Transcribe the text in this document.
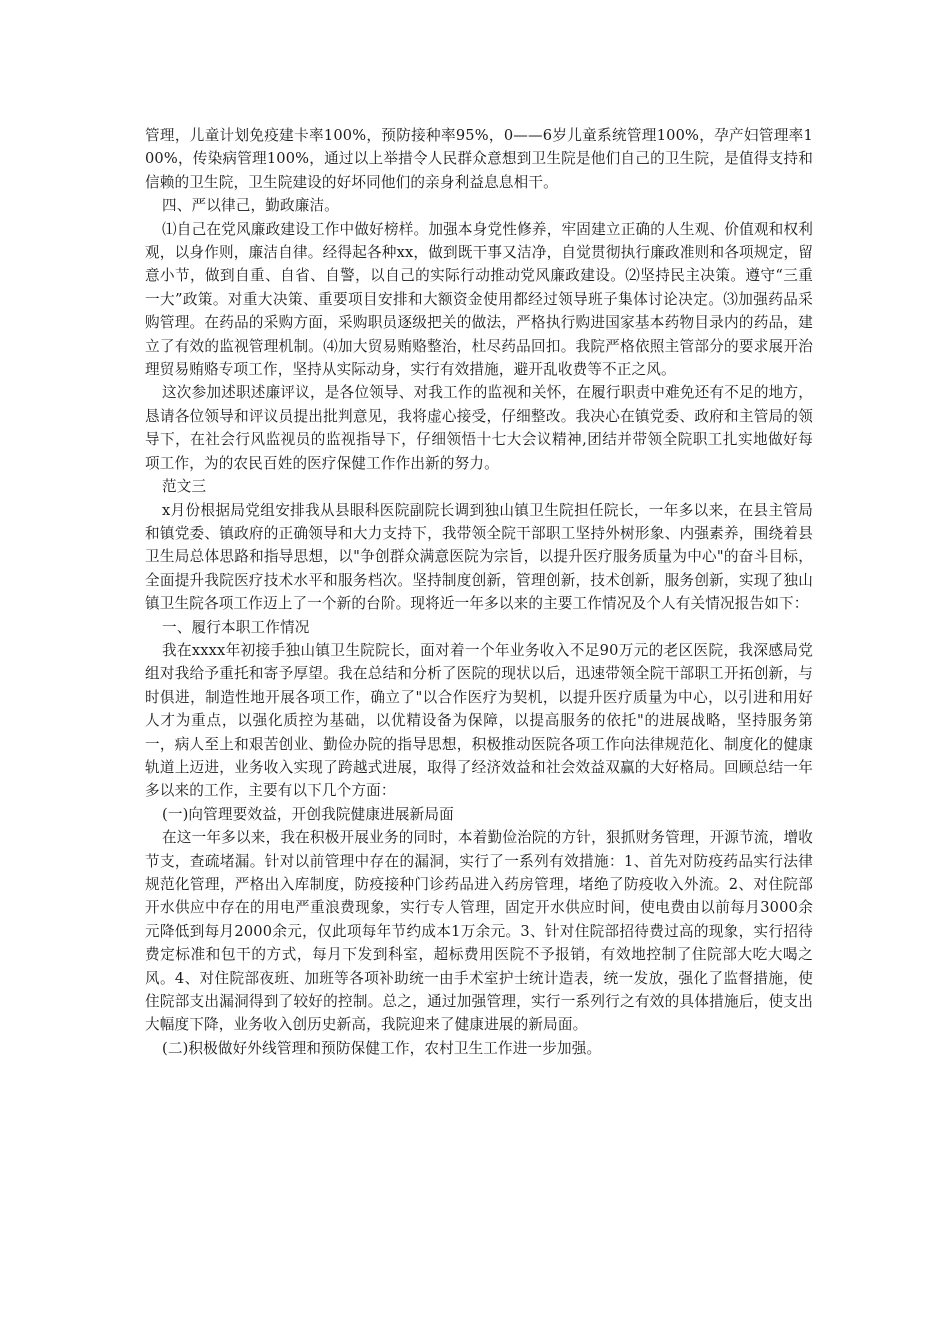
管理，儿童计划免疫建卡率100%，预防接种率95%，0——6岁儿童系统管理100%，孕产妇管理率100%，传染病管理100%，通过以上举措令人民群众意想到卫生院是他们自己的卫生院，是值得支持和信赖的卫生院，卫生院建设的好坏同他们的亲身利益息息相干。

四、严以律己，勤政廉洁。

⑴自己在党风廉政建设工作中做好榜样。加强本身党性修养，牢固建立正确的人生观、价值观和权利观，以身作则，廉洁自律。经得起各种xx，做到既干事又洁净，自觉贯彻执行廉政准则和各项规定，留意小节，做到自重、自省、自警，以自己的实际行动推动党风廉政建设。⑵坚持民主决策。遵守“三重一大”政策。对重大决策、重要项目安排和大额资金使用都经过领导班子集体讨论决定。⑶加强药品采购管理。在药品的采购方面，采购职员逐级把关的做法，严格执行购进国家基本药物目录内的药品，建立了有效的监视管理机制。⑷加大贸易贿赂整治，杜尽药品回扣。我院严格依照主管部分的要求展开治理贸易贿赂专项工作，坚持从实际动身，实行有效措施，避开乱收费等不正之风。

这次参加述职述廉评议，是各位领导、对我工作的监视和关怀，在履行职责中难免还有不足的地方，恳请各位领导和评议员提出批判意见，我将虚心接受，仔细整改。我决心在镇党委、政府和主管局的领导下，在社会行风监视员的监视指导下，仔细领悟十七大会议精神,团结并带领全院职工扎实地做好每项工作，为的农民百姓的医疗保健工作作出新的努力。

范文三

x月份根据局党组安排我从县眼科医院副院长调到独山镇卫生院担任院长，一年多以来，在县主管局和镇党委、镇政府的正确领导和大力支持下，我带领全院干部职工坚持外树形象、内强素养，围绕着县卫生局总体思路和指导思想，以"争创群众满意医院为宗旨，以提升医疗服务质量为中心"的奋斗目标，全面提升我院医疗技术水平和服务档次。坚持制度创新，管理创新，技术创新，服务创新，实现了独山镇卫生院各项工作迈上了一个新的台阶。现将近一年多以来的主要工作情况及个人有关情况报告如下：

一、履行本职工作情况

我在xxxx年初接手独山镇卫生院院长，面对着一个年业务收入不足90万元的老区医院，我深感局党组对我给予重托和寄予厚望。我在总结和分析了医院的现状以后，迅速带领全院干部职工开拓创新，与时俱进，制造性地开展各项工作，确立了"以合作医疗为契机，以提升医疗质量为中心，以引进和用好人才为重点，以强化质控为基础，以优精设备为保障，以提高服务的依托"的进展战略，坚持服务第一，病人至上和艰苦创业、勤俭办院的指导思想，积极推动医院各项工作向法律规范化、制度化的健康轨道上迈进，业务收入实现了跨越式进展，取得了经济效益和社会效益双赢的大好格局。回顾总结一年多以来的工作，主要有以下几个方面：

(一)向管理要效益，开创我院健康进展新局面

在这一年多以来，我在积极开展业务的同时，本着勤俭治院的方针，狠抓财务管理，开源节流，增收节支，查疏堵漏。针对以前管理中存在的漏洞，实行了一系列有效措施：1、首先对防疫药品实行法律规范化管理，严格出入库制度，防疫接种门诊药品进入药房管理，堵绝了防疫收入外流。2、对住院部开水供应中存在的用电严重浪费现象，实行专人管理，固定开水供应时间，使电费由以前每月3000余元降低到每月2000余元，仅此项每年节约成本1万余元。3、针对住院部招待费过高的现象，实行招待费定标准和包干的方式，每月下发到科室，超标费用医院不予报销，有效地控制了住院部大吃大喝之风。4、对住院部夜班、加班等各项补助统一由手术室护士统计造表，统一发放，强化了监督措施，使住院部支出漏洞得到了较好的控制。总之，通过加强管理，实行一系列行之有效的具体措施后，使支出大幅度下降，业务收入创历史新高，我院迎来了健康进展的新局面。

(二)积极做好外线管理和预防保健工作，农村卫生工作进一步加强。
